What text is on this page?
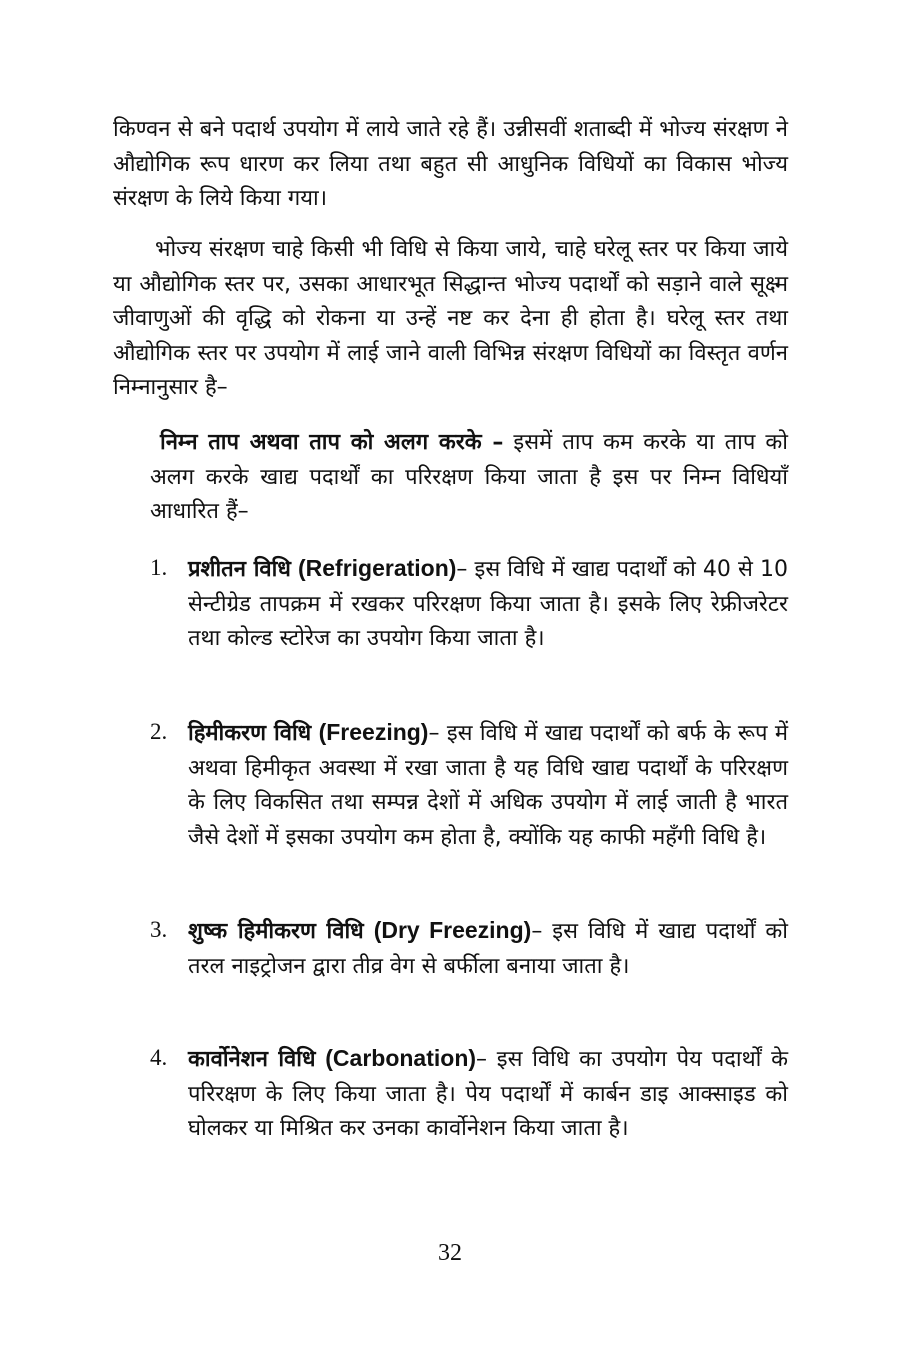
किण्वन से बने पदार्थ उपयोग में लाये जाते रहे हैं। उन्नीसवीं शताब्दी में भोज्य संरक्षण ने औद्योगिक रूप धारण कर लिया तथा बहुत सी आधुनिक विधियों का विकास भोज्य संरक्षण के लिये किया गया।

भोज्य संरक्षण चाहे किसी भी विधि से किया जाये, चाहे घरेलू स्तर पर किया जाये या औद्योगिक स्तर पर, उसका आधारभूत सिद्धान्त भोज्य पदार्थों को सड़ाने वाले सूक्ष्म जीवाणुओं की वृद्धि को रोकना या उन्हें नष्ट कर देना ही होता है। घरेलू स्तर तथा औद्योगिक स्तर पर उपयोग में लाई जाने वाली विभिन्न संरक्षण विधियों का विस्तृत वर्णन निम्नानुसार है–

निम्न ताप अथवा ताप को अलग करके – इसमें ताप कम करके या ताप को अलग करके खाद्य पदार्थों का परिरक्षण किया जाता है इस पर निम्न विधियाँ आधारित हैं–

1. प्रशीतन विधि (Refrigeration)– इस विधि में खाद्य पदार्थों को 40 से 10 सेन्टीग्रेड तापक्रम में रखकर परिरक्षण किया जाता है। इसके लिए रेफ्रीजरेटर तथा कोल्ड स्टोरेज का उपयोग किया जाता है।
2. हिमीकरण विधि (Freezing)– इस विधि में खाद्य पदार्थों को बर्फ के रूप में अथवा हिमीकृत अवस्था में रखा जाता है यह विधि खाद्य पदार्थों के परिरक्षण के लिए विकसित तथा सम्पन्न देशों में अधिक उपयोग में लाई जाती है भारत जैसे देशों में इसका उपयोग कम होता है, क्योंकि यह काफी महँगी विधि है।
3. शुष्क हिमीकरण विधि (Dry Freezing)– इस विधि में खाद्य पदार्थों को तरल नाइट्रोजन द्वारा तीव्र वेग से बर्फीला बनाया जाता है।
4. कार्वोनेशन विधि (Carbonation)– इस विधि का उपयोग पेय पदार्थों के परिरक्षण के लिए किया जाता है। पेय पदार्थों में कार्बन डाइ आक्साइड को घोलकर या मिश्रित कर उनका कार्वोनेशन किया जाता है।
32
